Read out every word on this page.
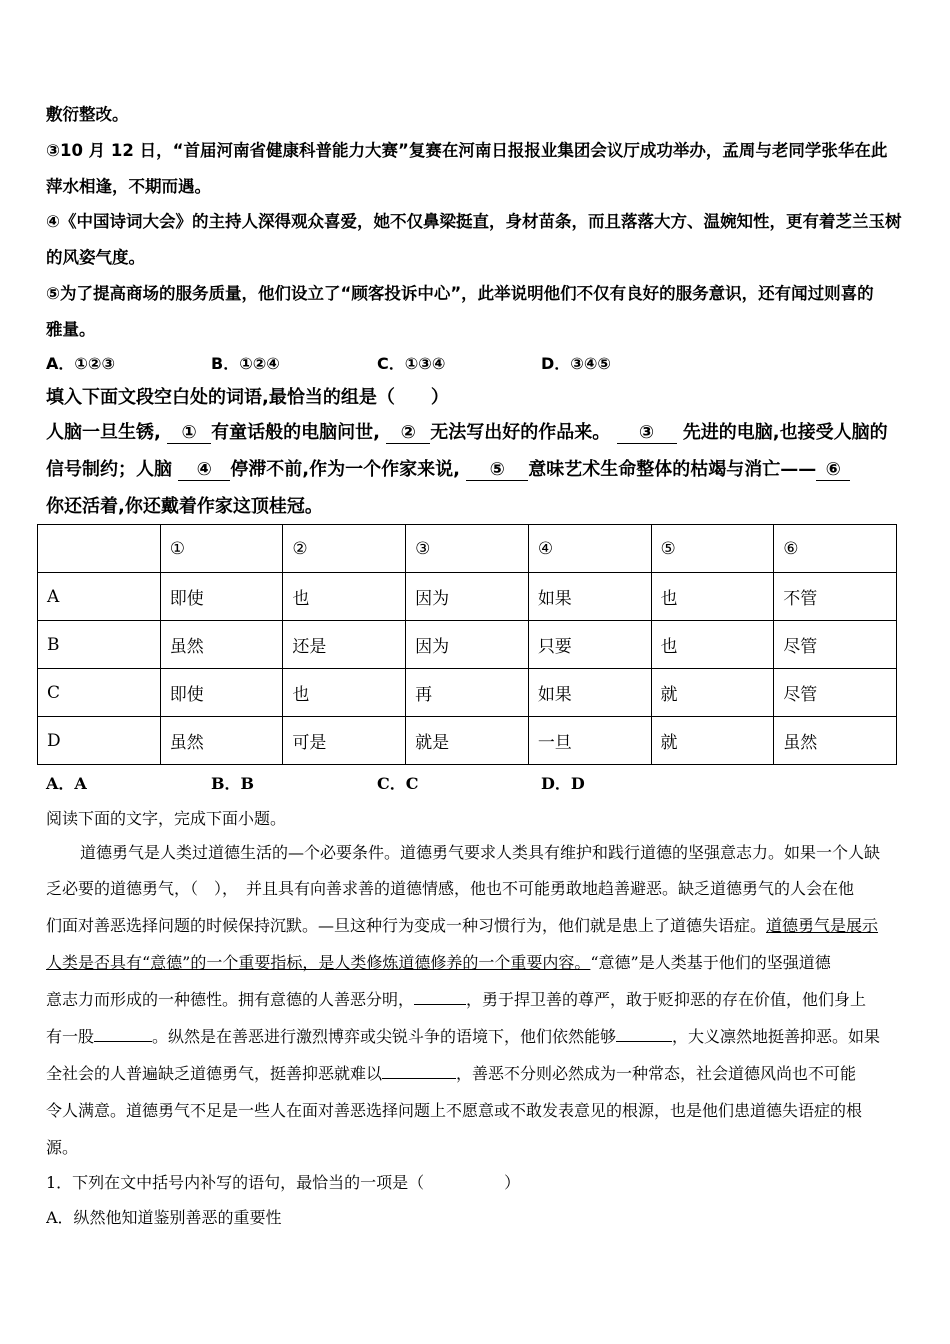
敷衍整改。
③10 月 12 日，“首届河南省健康科普能力大赛”复赛在河南日报报业集团会议厅成功举办，孟周与老同学张华在此
萍水相逢，不期而遇。
④《中国诗词大会》的主持人深得观众喜爱，她不仅鼻梁挺直，身材苗条，而且落落大方、温婉知性，更有着芝兰玉树
的风姿气度。
⑤为了提高商场的服务质量，他们设立了“顾客投诉中心”，此举说明他们不仅有良好的服务意识，还有闻过则喜的
雅量。
A．①②③	B．①②④	C．①③④	D．③④⑤
填入下面文段空白处的词语,最恰当的组是（　　）
人脑一旦生锈, ① 有童话般的电脑问世, ② 无法写出好的作品来。 ③ 先进的电脑,也接受人脑的
信号制约；人脑 ④ 停滞不前,作为一个作家来说, ⑤ 意味艺术生命整体的枯竭与消亡—— ⑥
你还活着,你还戴着作家这顶桂冠。
	①	②	③	④	⑤	⑥
A	即使	也	因为	如果	也	不管
B	虽然	还是	因为	只要	也	尽管
C	即使	也	再	如果	就	尽管
D	虽然	可是	就是	一旦	就	虽然
A．A	B．B	C．C	D．D
阅读下面的文字，完成下面小题。
道德勇气是人类过道德生活的—个必要条件。道德勇气要求人类具有维护和践行道德的坚强意志力。如果一个人缺
乏必要的道德勇气，（　），　并且具有向善求善的道德情感，他也不可能勇敢地趋善避恶。缺乏道德勇气的人会在他
们面对善恶选择问题的时候保持沉默。—旦这种行为变成一种习惯行为，他们就是患上了道德失语症。道德勇气是展示
人类是否具有“意德”的一个重要指标，是人类修炼道德修养的一个重要内容。“意德”是人类基于他们的坚强道德
意志力而形成的一种德性。拥有意德的人善恶分明，	，勇于捍卫善的尊严，敢于贬抑恶的存在价值，他们身上
有一股	。纵然是在善恶进行激烈博弈或尖锐斗争的语境下，他们依然能够	，大义凛然地挺善抑恶。如果
全社会的人普遍缺乏道德勇气，挺善抑恶就难以	，善恶不分则必然成为一种常态，社会道德风尚也不可能
令人满意。道德勇气不足是一些人在面对善恶选择问题上不愿意或不敢发表意见的根源，也是他们患道德失语症的根
源。
1．下列在文中括号内补写的语句，最恰当的一项是（　　　　　）
A．纵然他知道鉴别善恶的重要性
